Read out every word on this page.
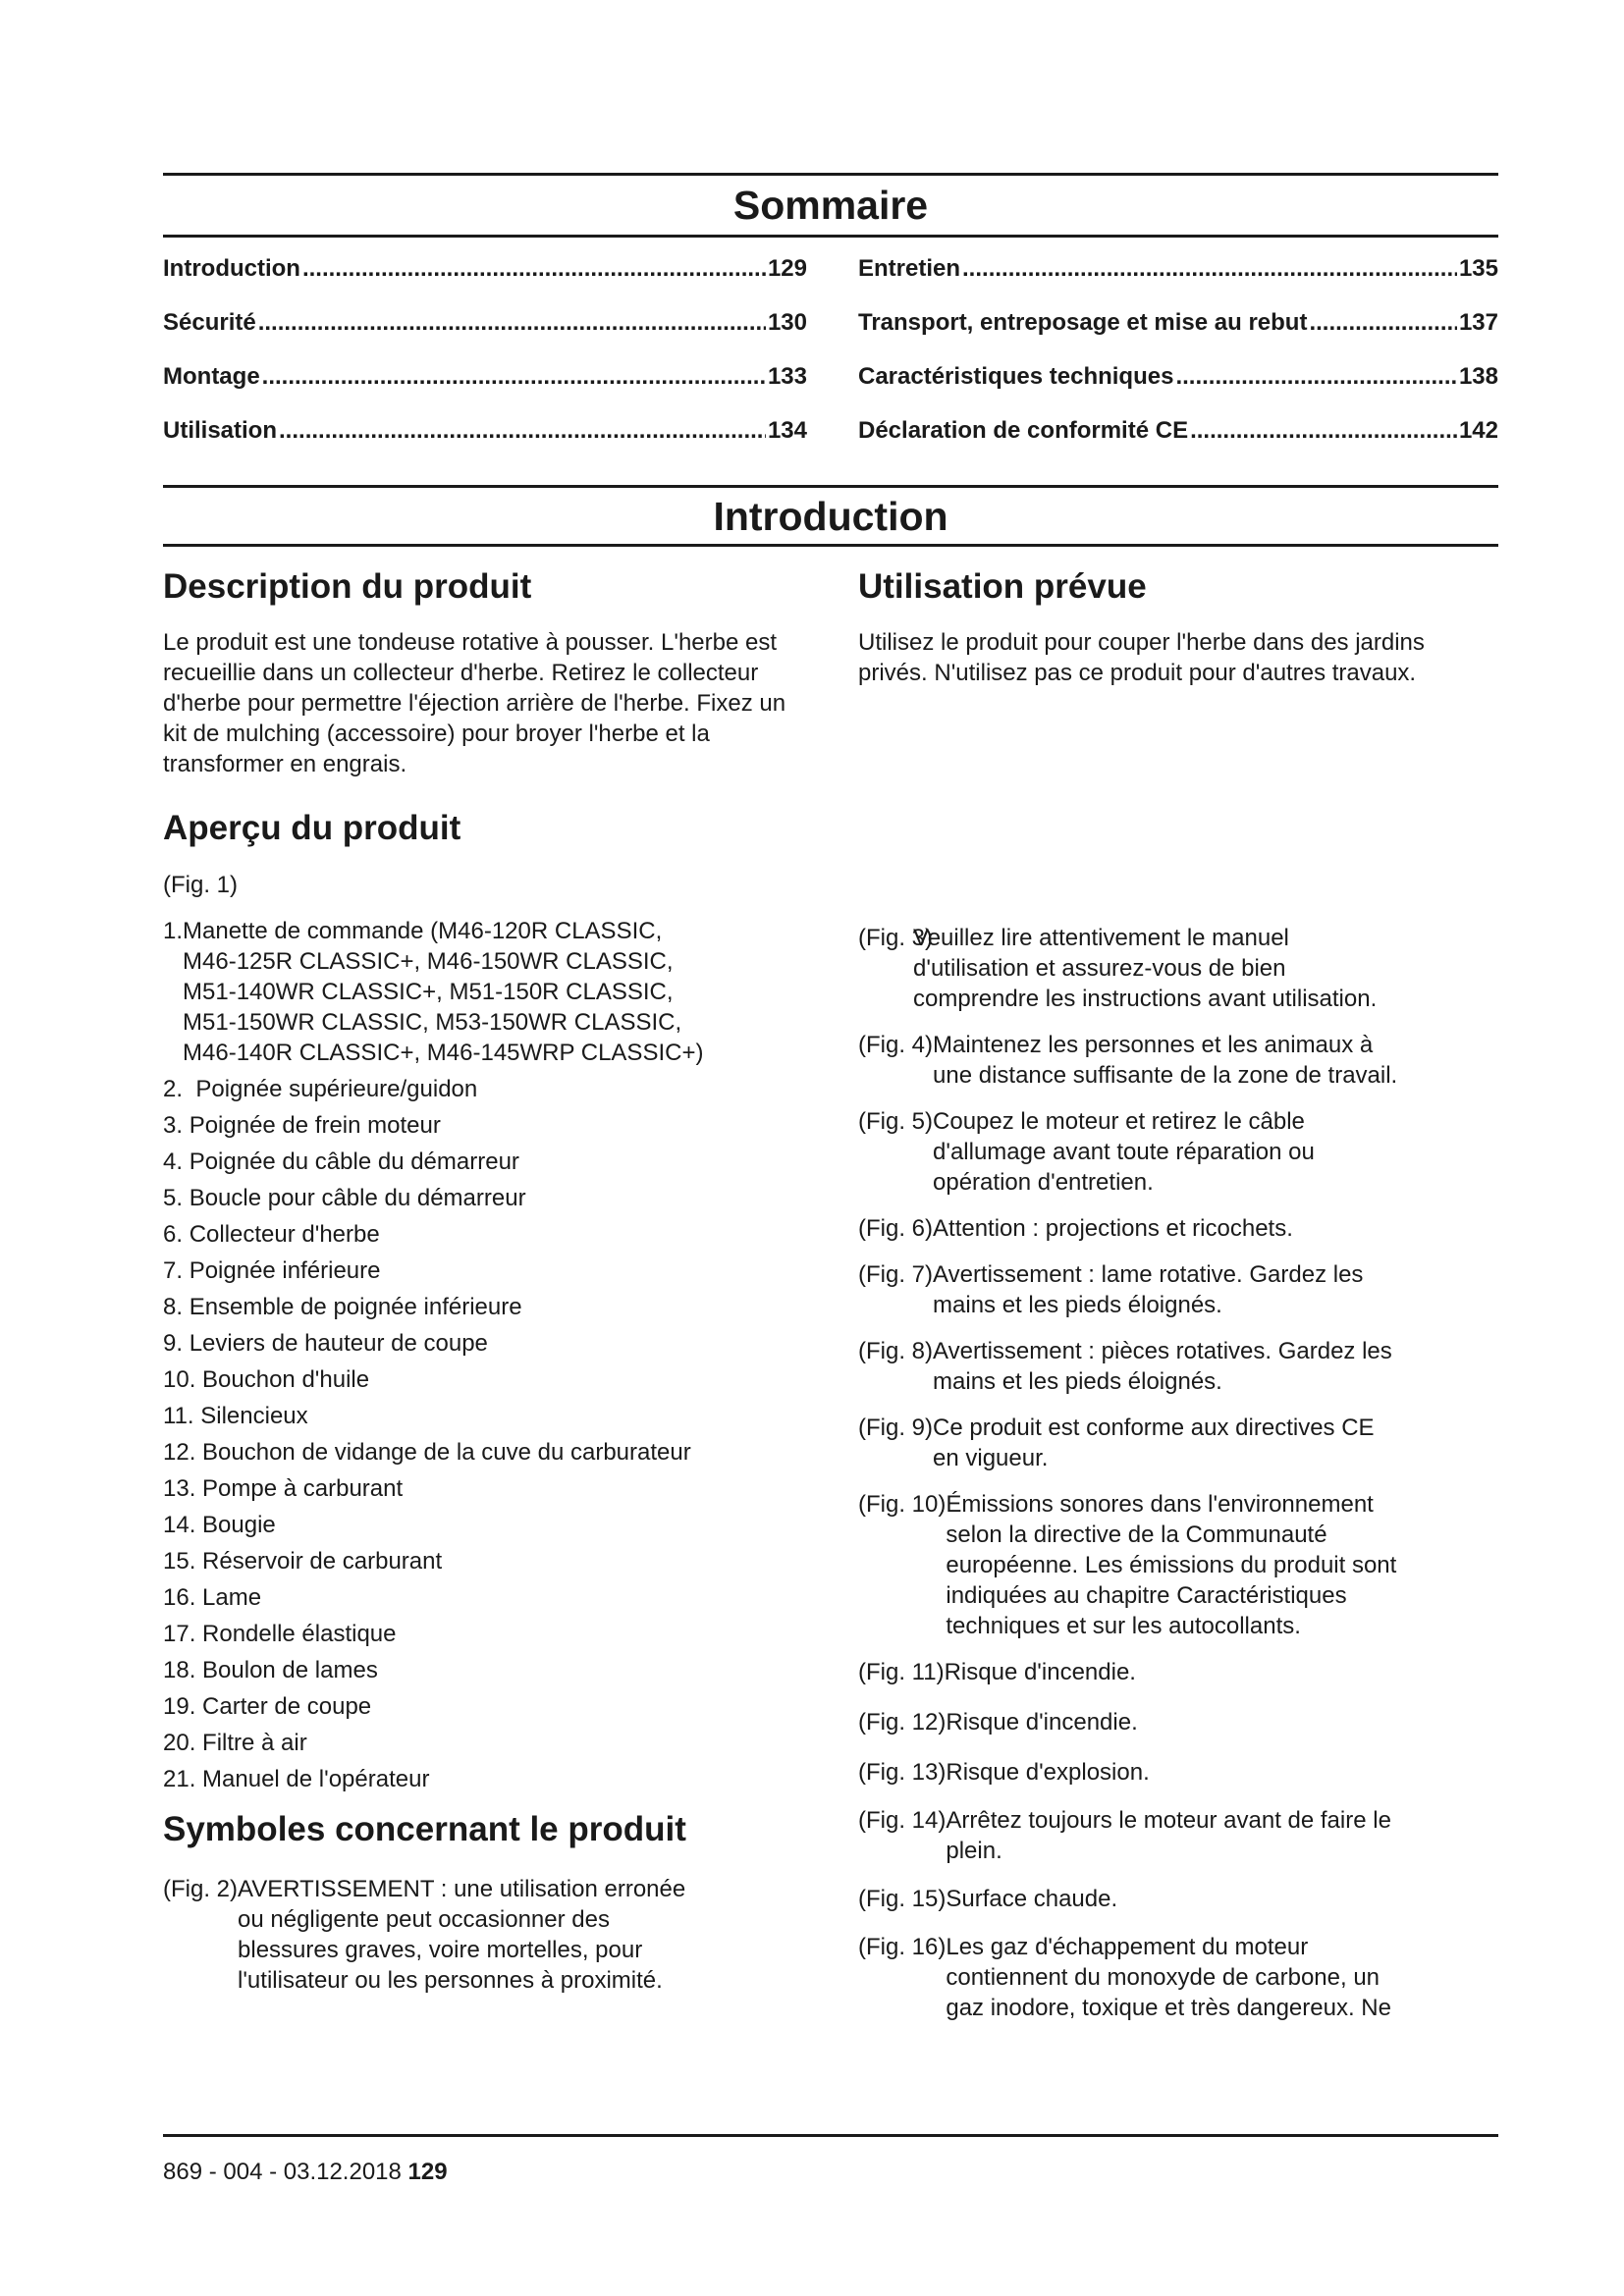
Sommaire
Introduction .....	129
Sécurité .....	130
Montage .....	133
Utilisation .....	134
Entretien .....	135
Transport, entreposage et mise au rebut .....	137
Caractéristiques techniques .....	138
Déclaration de conformité CE .....	142
Introduction
Description du produit

Le produit est une tondeuse rotative à pousser. L'herbe est recueillie dans un collecteur d'herbe. Retirez le collecteur d'herbe pour permettre l'éjection arrière de l'herbe. Fixez un kit de mulching (accessoire) pour broyer l'herbe et la transformer en engrais.

Utilisation prévue

Utilisez le produit pour couper l'herbe dans des jardins privés. N'utilisez pas ce produit pour d'autres travaux.

Aperçu du produit
(Fig. 1)
1. Manette de commande (M46-120R CLASSIC,
M46-125R CLASSIC+, M46-150WR CLASSIC,
M51-140WR CLASSIC+, M51-150R CLASSIC,
M51-150WR CLASSIC, M53-150WR CLASSIC,
M46-140R CLASSIC+, M46-145WRP CLASSIC+)
2. Poignée supérieure/guidon
3. Poignée de frein moteur
4. Poignée du câble du démarreur
5. Boucle pour câble du démarreur
6. Collecteur d'herbe
7. Poignée inférieure
8. Ensemble de poignée inférieure
9. Leviers de hauteur de coupe
10. Bouchon d'huile
11. Silencieux
12. Bouchon de vidange de la cuve du carburateur
13. Pompe à carburant
14. Bougie
15. Réservoir de carburant
16. Lame
17. Rondelle élastique
18. Boulon de lames
19. Carter de coupe
20. Filtre à air
21. Manuel de l'opérateur
Symboles concernant le produit
(Fig. 2) AVERTISSEMENT : une utilisation erronée
ou négligente peut occasionner des
blessures graves, voire mortelles, pour
l'utilisateur ou les personnes à proximité.
(Fig. 3)
Veuillez lire attentivement le manuel
d'utilisation et assurez-vous de bien
comprendre les instructions avant utilisation.
(Fig. 4) Maintenez les personnes et les animaux à
une distance suffisante de la zone de travail.
(Fig. 5) Coupez le moteur et retirez le câble
d'allumage avant toute réparation ou
opération d'entretien.
(Fig. 6) Attention : projections et ricochets.
(Fig. 7) Avertissement : lame rotative. Gardez les
mains et les pieds éloignés.
(Fig. 8) Avertissement : pièces rotatives. Gardez les
mains et les pieds éloignés.
(Fig. 9) Ce produit est conforme aux directives CE
en vigueur.
(Fig. 10) Émissions sonores dans l'environnement
selon la directive de la Communauté
européenne. Les émissions du produit sont
indiquées au chapitre Caractéristiques
techniques et sur les autocollants.
(Fig. 11) Risque d'incendie.
(Fig. 12) Risque d'incendie.
(Fig. 13) Risque d'explosion.
(Fig. 14) Arrêtez toujours le moteur avant de faire le
plein.
(Fig. 15) Surface chaude.
(Fig. 16) Les gaz d'échappement du moteur
contiennent du monoxyde de carbone, un
gaz inodore, toxique et très dangereux. Ne
869 - 004 - 03.12.2018 129
